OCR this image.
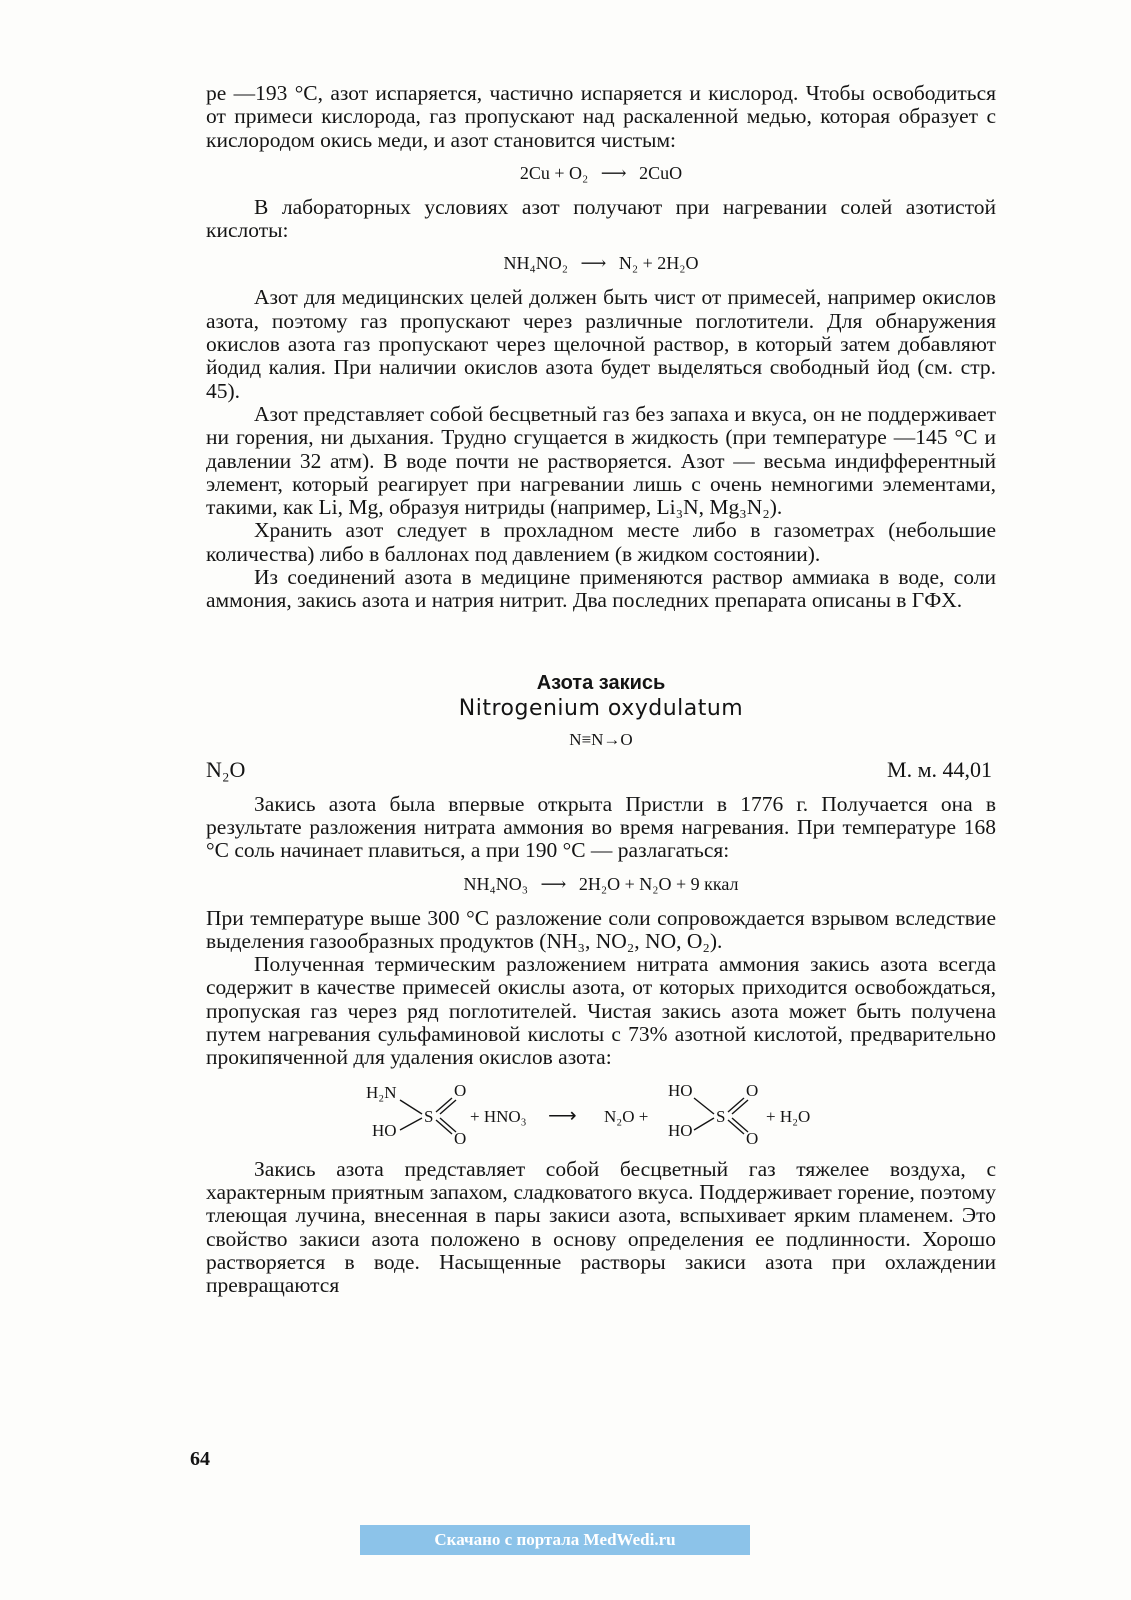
ре —193 °С, азот испаряется, частично испаряется и кислород. Чтобы освободиться от примеси кислорода, газ пропускают над раскаленной медью, которая образует с кислородом окись меди, и азот становится чистым:

2Cu + O₂ ⟶ 2CuO

В лабораторных условиях азот получают при нагревании солей азотистой кислоты:

NH₄NO₂ ⟶ N₂ + 2H₂O

Азот для медицинских целей должен быть чист от примесей, например окислов азота, поэтому газ пропускают через различные поглотители. Для обнаружения окислов азота газ пропускают через щелочной раствор, в который затем добавляют йодид калия. При наличии окислов азота будет выделяться свободный йод (см. стр. 45).

Азот представляет собой бесцветный газ без запаха и вкуса, он не поддерживает ни горения, ни дыхания. Трудно сгущается в жидкость (при температуре —145 °С и давлении 32 атм). В воде почти не растворяется. Азот — весьма индифферентный элемент, который реагирует при нагревании лишь с очень немногими элементами, такими, как Li, Mg, образуя нитриды (например, Li₃N, Mg₃N₂).

Хранить азот следует в прохладном месте либо в газометрах (небольшие количества) либо в баллонах под давлением (в жидком состоянии).

Из соединений азота в медицине применяются раствор аммиака в воде, соли аммония, закись азота и натрия нитрит. Два последних препарата описаны в ГФХ.

Азота закись
Nitrogenium oxydulatum
N≡N→O
N₂O	М. м. 44,01

Закись азота была впервые открыта Пристли в 1776 г. Получается она в результате разложения нитрата аммония во время нагревания. При температуре 168 °С соль начинает плавиться, а при 190 °С — разлагаться:

NH₄NO₃ ⟶ 2H₂O + N₂O + 9 ккал

При температуре выше 300 °С разложение соли сопровождается взрывом вследствие выделения газообразных продуктов (NH₃, NO₂, NO, O₂).

Полученная термическим разложением нитрата аммония закись азота всегда содержит в качестве примесей окислы азота, от которых приходится освобождаться, пропуская газ через ряд поглотителей. Чистая закись азота может быть получена путем нагревания сульфаминовой кислоты с 73% азотной кислотой, предварительно прокипяченной для удаления окислов азота:

H₂N
HO
S
O
O
+ HNO₃ ⟶ N₂O +
HO
HO
S
O
O
+ H₂O

Закись азота представляет собой бесцветный газ тяжелее воздуха, с характерным приятным запахом, сладковатого вкуса. Поддерживает горение, поэтому тлеющая лучина, внесенная в пары закиси азота, вспыхивает ярким пламенем. Это свойство закиси азота положено в основу определения ее подлинности. Хорошо растворяется в воде. Насыщенные растворы закиси азота при охлаждении превращаются

64
Скачано с портала MedWedi.ru
